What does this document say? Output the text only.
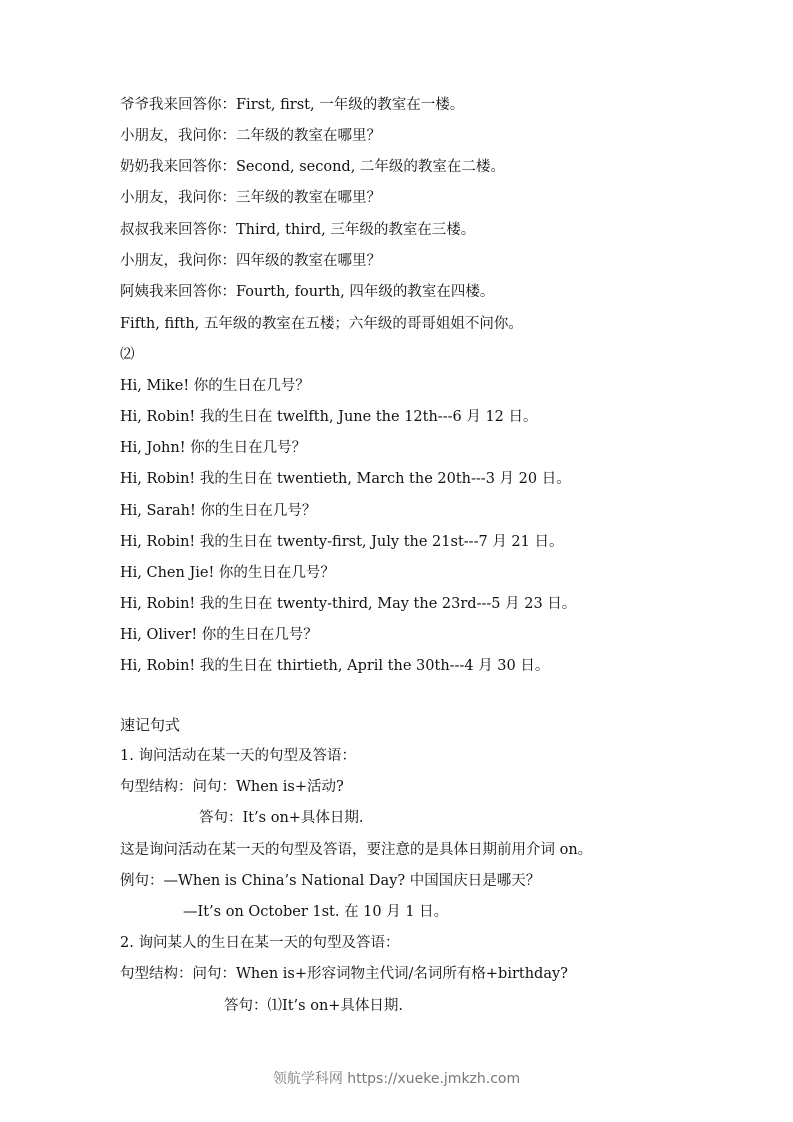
爷爷我来回答你：First, first, 一年级的教室在一楼。
小朋友，我问你：二年级的教室在哪里？
奶奶我来回答你：Second, second, 二年级的教室在二楼。
小朋友，我问你：三年级的教室在哪里？
叔叔我来回答你：Third, third, 三年级的教室在三楼。
小朋友，我问你：四年级的教室在哪里？
阿姨我来回答你：Fourth, fourth, 四年级的教室在四楼。
Fifth, fifth, 五年级的教室在五楼；六年级的哥哥姐姐不问你。
⑵
Hi, Mike! 你的生日在几号？
Hi, Robin! 我的生日在 twelfth, June the 12th---6 月 12 日。
Hi, John! 你的生日在几号？
Hi, Robin! 我的生日在 twentieth, March the 20th---3 月 20 日。
Hi, Sarah! 你的生日在几号？
Hi, Robin! 我的生日在 twenty-first, July the 21st---7 月 21 日。
Hi, Chen Jie! 你的生日在几号？
Hi, Robin! 我的生日在 twenty-third, May the 23rd---5 月 23 日。
Hi, Oliver! 你的生日在几号？
Hi, Robin! 我的生日在 thirtieth, April the 30th---4 月 30 日。
速记句式
1. 询问活动在某一天的句型及答语：
句型结构：问句：When is+活动?
答句：It’s on+具体日期.
这是询问活动在某一天的句型及答语，要注意的是具体日期前用介词 on。
例句：—When is China’s National Day? 中国国庆日是哪天？
—It’s on October 1st. 在 10 月 1 日。
2. 询问某人的生日在某一天的句型及答语：
句型结构：问句：When is+形容词物主代词/名词所有格+birthday?
答句：⑴It’s on+具体日期.
领航学科网 https://xueke.jmkzh.com
